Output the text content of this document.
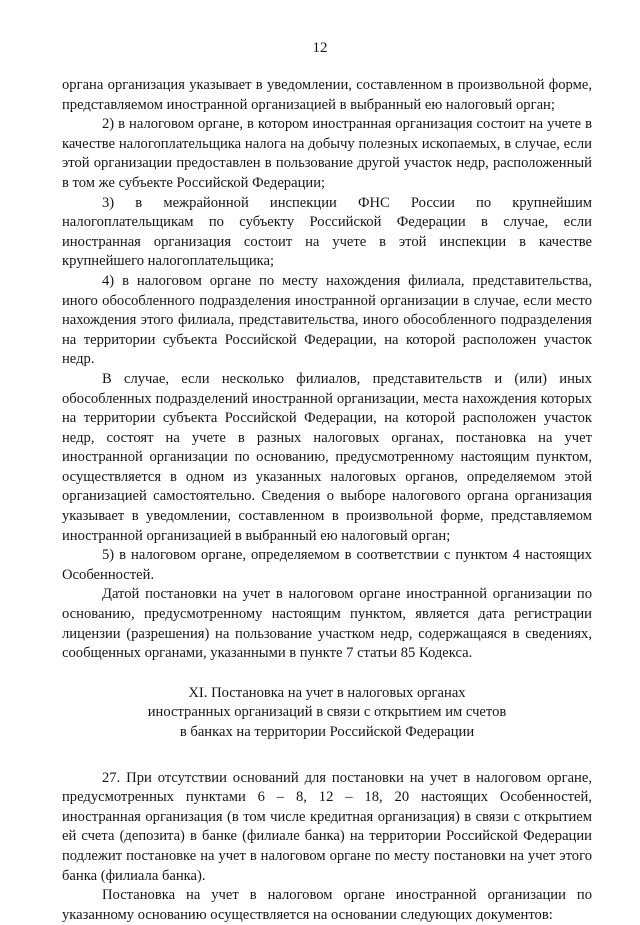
12

органа организация указывает в уведомлении, составленном в произвольной форме, представляемом иностранной организацией в выбранный ею налоговый орган;

2) в налоговом органе, в котором иностранная организация состоит на учете в качестве налогоплательщика налога на добычу полезных ископаемых, в случае, если этой организации предоставлен в пользование другой участок недр, расположенный в том же субъекте Российской Федерации;

3) в межрайонной инспекции ФНС России по крупнейшим налогоплательщикам по субъекту Российской Федерации в случае, если иностранная организация состоит на учете в этой инспекции в качестве крупнейшего налогоплательщика;

4) в налоговом органе по месту нахождения филиала, представительства, иного обособленного подразделения иностранной организации в случае, если место нахождения этого филиала, представительства, иного обособленного подразделения на территории субъекта Российской Федерации, на которой расположен участок недр.

В случае, если несколько филиалов, представительств и (или) иных обособленных подразделений иностранной организации, места нахождения которых на территории субъекта Российской Федерации, на которой расположен участок недр, состоят на учете в разных налоговых органах, постановка на учет иностранной организации по основанию, предусмотренному настоящим пунктом, осуществляется в одном из указанных налоговых органов, определяемом этой организацией самостоятельно. Сведения о выборе налогового органа организация указывает в уведомлении, составленном в произвольной форме, представляемом иностранной организацией в выбранный ею налоговый орган;

5) в налоговом органе, определяемом в соответствии с пунктом 4 настоящих Особенностей.

Датой постановки на учет в налоговом органе иностранной организации по основанию, предусмотренному настоящим пунктом, является дата регистрации лицензии (разрешения) на пользование участком недр, содержащаяся в сведениях, сообщенных органами, указанными в пункте 7 статьи 85 Кодекса.

XI. Постановка на учет в налоговых органах
иностранных организаций в связи с открытием им счетов
в банках на территории Российской Федерации

27. При отсутствии оснований для постановки на учет в налоговом органе, предусмотренных пунктами 6 – 8, 12 – 18, 20 настоящих Особенностей, иностранная организация (в том числе кредитная организация) в связи с открытием ей счета (депозита) в банке (филиале банка) на территории Российской Федерации подлежит постановке на учет в налоговом органе по месту постановки на учет этого банка (филиала банка).

Постановка на учет в налоговом органе иностранной организации по указанному основанию осуществляется на основании следующих документов:
